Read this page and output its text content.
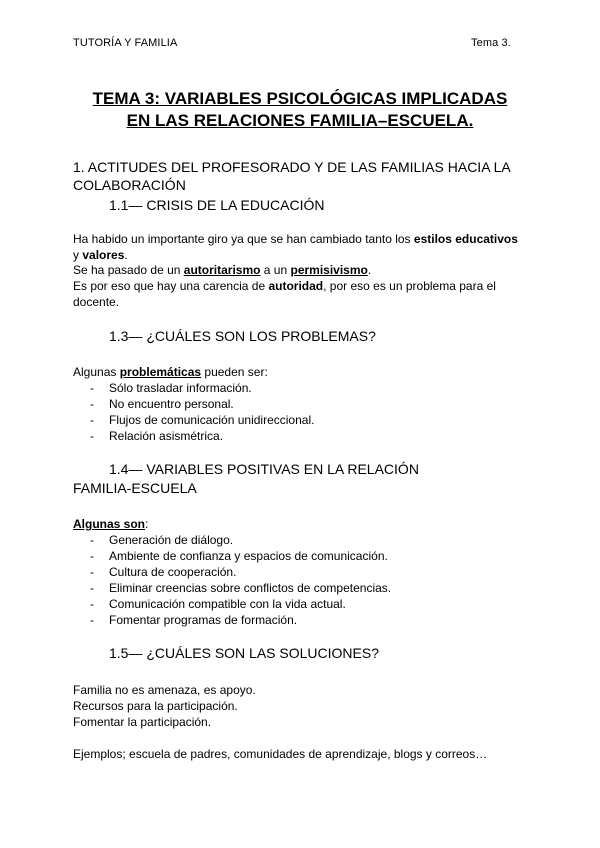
TUTORÍA Y FAMILIA	Tema 3.
TEMA 3: VARIABLES PSICOLÓGICAS IMPLICADAS
EN LAS RELACIONES FAMILIA–ESCUELA.
1. ACTITUDES DEL PROFESORADO Y DE LAS FAMILIAS HACIA LA
COLABORACIÓN
1.1— CRISIS DE LA EDUCACIÓN
Ha habido un importante giro ya que se han cambiado tanto los estilos educativos
y valores.
Se ha pasado de un autoritarismo a un permisivismo.
Es por eso que hay una carencia de autoridad, por eso es un problema para el
docente.
1.3— ¿CUÁLES SON LOS PROBLEMAS?
Algunas problemáticas pueden ser:
- Sólo trasladar información.
- No encuentro personal.
- Flujos de comunicación unidireccional.
- Relación asismétrica.
1.4— VARIABLES POSITIVAS EN LA RELACIÓN
FAMILIA-ESCUELA
Algunas son:
- Generación de diálogo.
- Ambiente de confianza y espacios de comunicación.
- Cultura de cooperación.
- Eliminar creencias sobre conflictos de competencias.
- Comunicación compatible con la vida actual.
- Fomentar programas de formación.
1.5— ¿CUÁLES SON LAS SOLUCIONES?
Familia no es amenaza, es apoyo.
Recursos para la participación.
Fomentar la participación.
Ejemplos; escuela de padres, comunidades de aprendizaje, blogs y correos…
